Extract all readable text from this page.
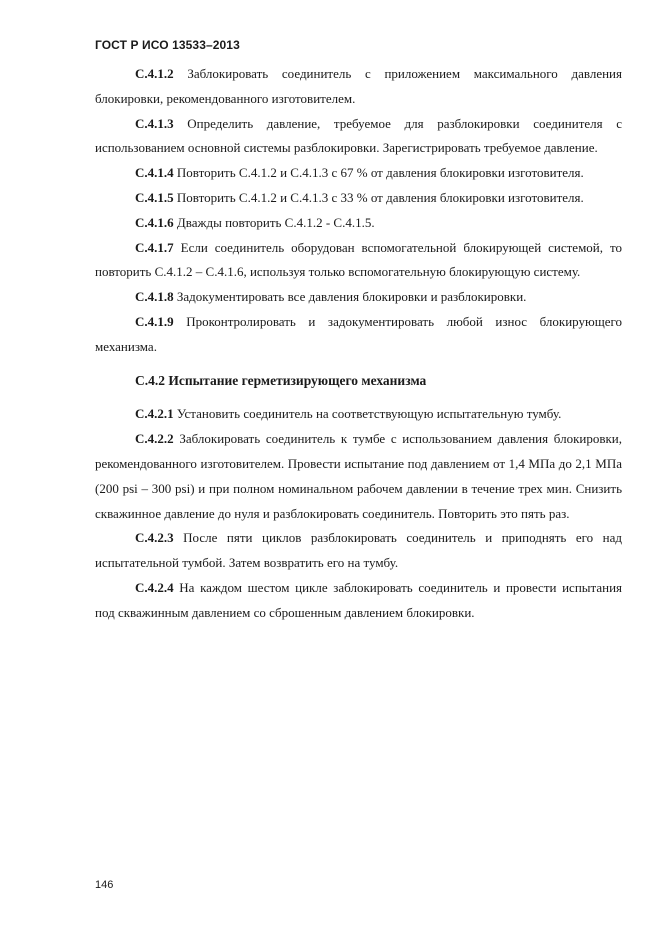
ГОСТ Р ИСО 13533–2013

C.4.1.2 Заблокировать соединитель с приложением максимального давления блокировки, рекомендованного изготовителем.

C.4.1.3 Определить давление, требуемое для разблокировки соединителя с использованием основной системы разблокировки. Зарегистрировать требуемое давление.

C.4.1.4 Повторить С.4.1.2 и С.4.1.3 с 67 % от давления блокировки изготовителя.

C.4.1.5 Повторить С.4.1.2 и С.4.1.3 с 33 % от давления блокировки изготовителя.

C.4.1.6 Дважды повторить С.4.1.2 - С.4.1.5.

C.4.1.7 Если соединитель оборудован вспомогательной блокирующей системой, то повторить С.4.1.2 – С.4.1.6, используя только вспомогательную блокирующую систему.

C.4.1.8 Задокументировать все давления блокировки и разблокировки.

C.4.1.9 Проконтролировать и задокументировать любой износ блокирующего механизма.

С.4.2 Испытание герметизирующего механизма

C.4.2.1 Установить соединитель на соответствующую испытательную тумбу.

C.4.2.2 Заблокировать соединитель к тумбе с использованием давления блокировки, рекомендованного изготовителем. Провести испытание под давлением от 1,4 МПа до 2,1 МПа (200 psi – 300 psi) и при полном номинальном рабочем давлении в течение трех мин. Снизить скважинное давление до нуля и разблокировать соединитель. Повторить это пять раз.

C.4.2.3 После пяти циклов разблокировать соединитель и приподнять его над испытательной тумбой. Затем возвратить его на тумбу.

C.4.2.4 На каждом шестом цикле заблокировать соединитель и провести испытания под скважинным давлением со сброшенным давлением блокировки.

146
